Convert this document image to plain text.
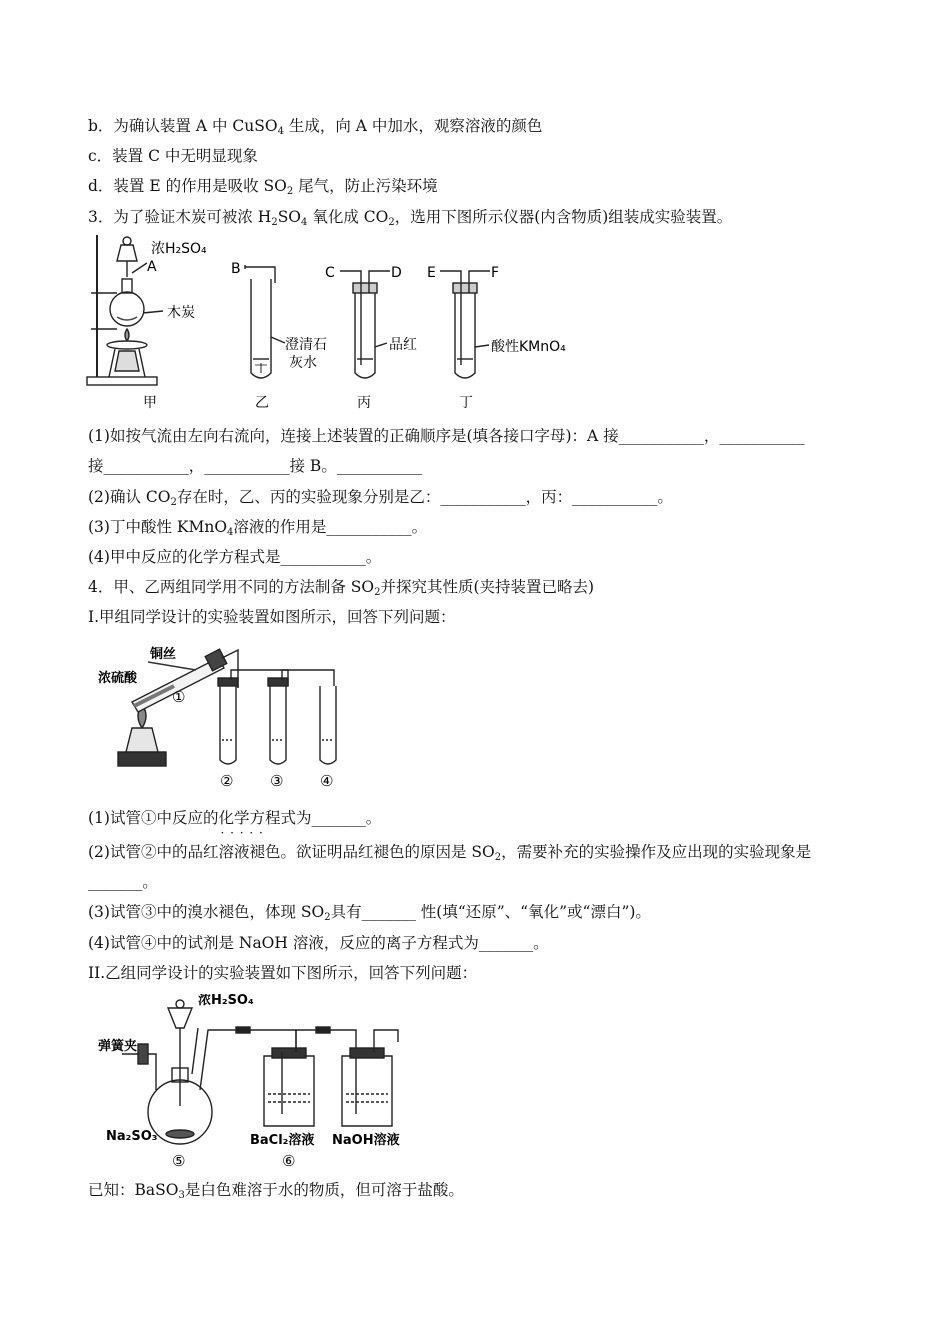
b．为确认装置 A 中 CuSO$_4$ 生成，向 A 中加水，观察溶液的颜色
c．装置 C 中无明显现象
d．装置 E 的作用是吸收 $SO_2$ 尾气，防止污染环境
3．为了验证木炭可被浓 $H_2SO_4$ 氧化成 $CO_2$，选用下图所示仪器(内含物质)组装成实验装置。
浓H₂SO₄
A
木炭
甲
B
澄清石
灰水
乙
C	D
品红
丙
E	F
酸性KMnO₄
丁
(1)如按气流由左向右流向，连接上述装置的正确顺序是(填各接口字母)：A 接___________，___________
接___________，___________接 B。___________
(2)确认 $CO_2$存在时，乙、丙的实验现象分别是乙：___________，丙：___________。
(3)丁中酸性 KMnO$_4$溶液的作用是___________。
(4)甲中反应的化学方程式是___________。
4．甲、乙两组同学用不同的方法制备 $SO_2$并探究其性质(夹持装置已略去)
I.甲组同学设计的实验装置如图所示，回答下列问题：
铜丝
浓硫酸
①
② ③ ④
(1)试管①中反应的化学方程式 · · 为_______。
(2)试管②中的品红溶液褪色。欲证明品红褪色的原因是 $SO_2$，需要补充的实验操作及应出现的实验现象是
_______。
(3)试管③中的溴水褪色，体现 $SO_2$具有_______ 性(填“还原”、“氧化”或“漂白”)。
(4)试管④中的试剂是 NaOH 溶液，反应的离子方程式为_______。
II.乙组同学设计的实验装置如下图所示，回答下列问题：
浓H₂SO₄
弹簧夹
Na₂SO₃	BaCl₂溶液 NaOH溶液
⑤	⑥
已知：BaSO$_3$是白色难溶于水的物质，但可溶于盐酸。
